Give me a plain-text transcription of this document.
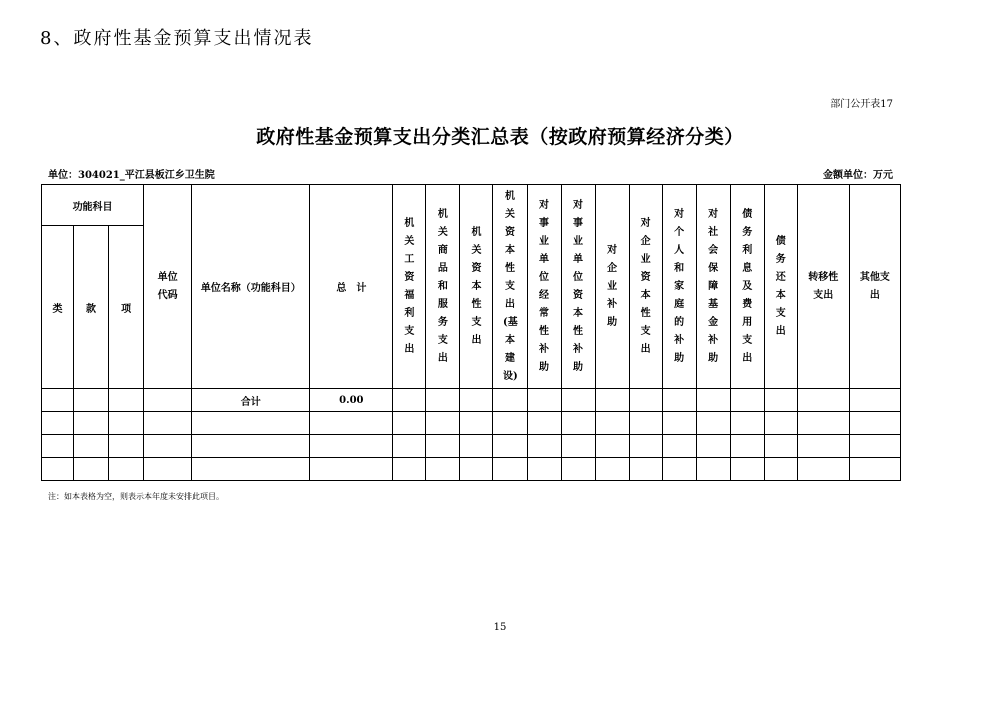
8、政府性基金预算支出情况表
部门公开表17
政府性基金预算支出分类汇总表（按政府预算经济分类）
单位：304021_平江县板江乡卫生院	金额单位：万元
功能科目			单位代码	单位名称（功能科目）	总　计	机关工资福利支出	机关商品和服务支出	机关资本性支出	机关资本性支出(基本建设)	对事业单位经常性补助	对事业单位资本性补助	对企业补助	对企业资本性支出	对个人和家庭的补助	对社会保障基金补助	债务利息及费用支出	债务还本支出	转移性支出	其他支出
类	款	项																	
				合计	0.00														

注：如本表格为空，则表示本年度未安排此项目。
15
